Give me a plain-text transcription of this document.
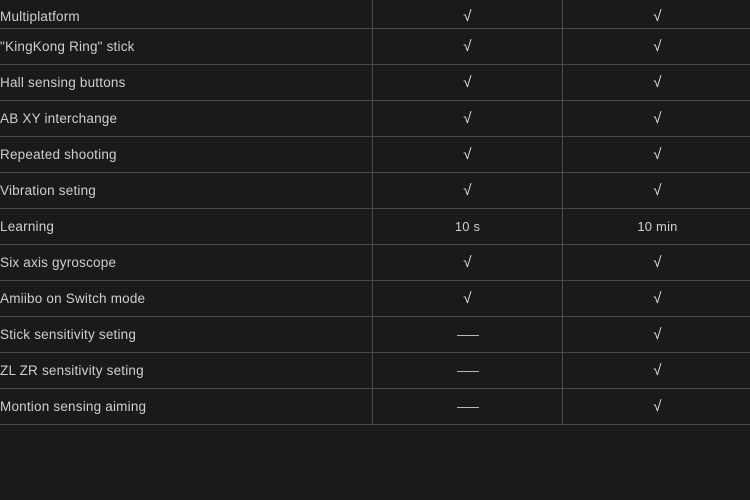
Multiplatform	√	√
"KingKong Ring" stick	√	√
Hall sensing buttons	√	√
AB XY interchange	√	√
Repeated shooting	√	√
Vibration seting	√	√
Learning	10 s	10 min
Six axis gyroscope	√	√
Amiibo on Switch mode	√	√
Stick sensitivity seting		√
ZL ZR sensitivity seting		√
Montion sensing aiming		√
